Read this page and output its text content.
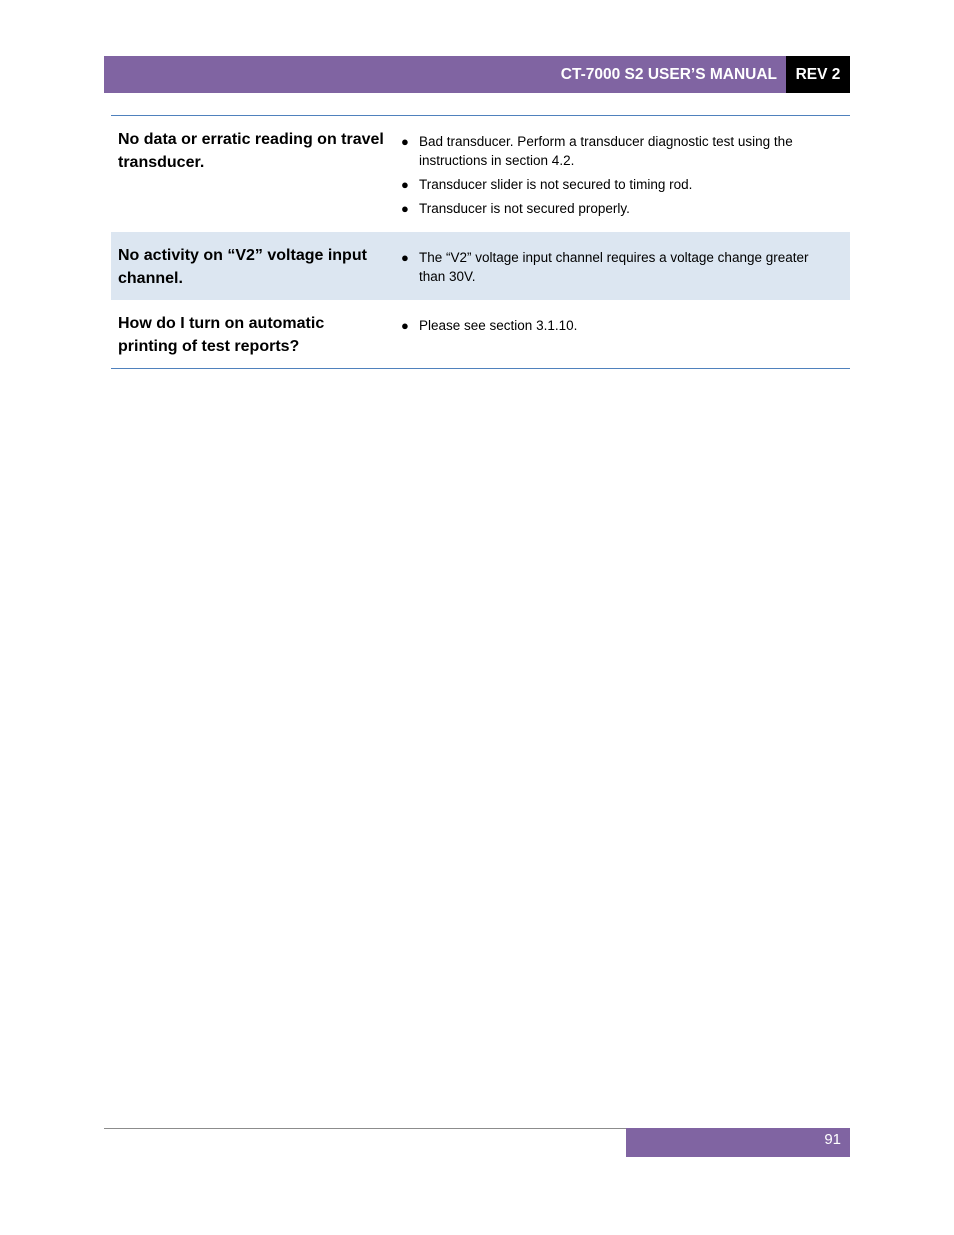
CT-7000 S2 USER’S MANUAL	REV 2
No data or erratic reading on travel transducer.
● Bad transducer. Perform a transducer diagnostic test using the instructions in section 4.2.
● Transducer slider is not secured to timing rod.
● Transducer is not secured properly.
No activity on “V2” voltage input channel.
● The “V2” voltage input channel requires a voltage change greater than 30V.
How do I turn on automatic printing of test reports?
● Please see section 3.1.10.
91
